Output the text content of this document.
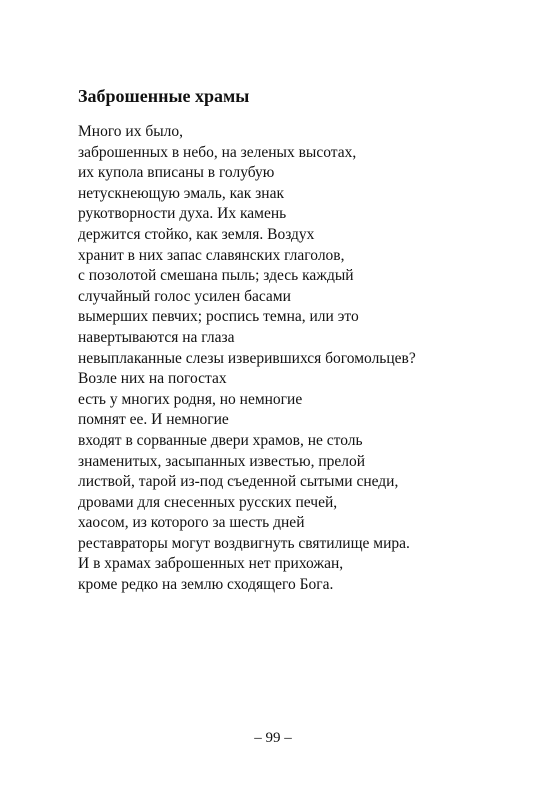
Заброшенные храмы
Много их было,
заброшенных в небо, на зеленых высотах,
их купола вписаны в голубую
нетускнеющую эмаль, как знак
рукотворности духа. Их камень
держится стойко, как земля. Воздух
хранит в них запас славянских глаголов,
с позолотой смешана пыль; здесь каждый
случайный голос усилен басами
вымерших певчих; роспись темна, или это
навертываются на глаза
невыплаканные слезы изверившихся богомольцев?
Возле них на погостах
есть у многих родня, но немногие
помнят ее. И немногие
входят в сорванные двери храмов, не столь
знаменитых, засыпанных известью, прелой
листвой, тарой из-под съеденной сытыми снеди,
дровами для снесенных русских печей,
хаосом, из которого за шесть дней
реставраторы могут воздвигнуть святилище мира.
И в храмах заброшенных нет прихожан,
кроме редко на землю сходящего Бога.
– 99 –
